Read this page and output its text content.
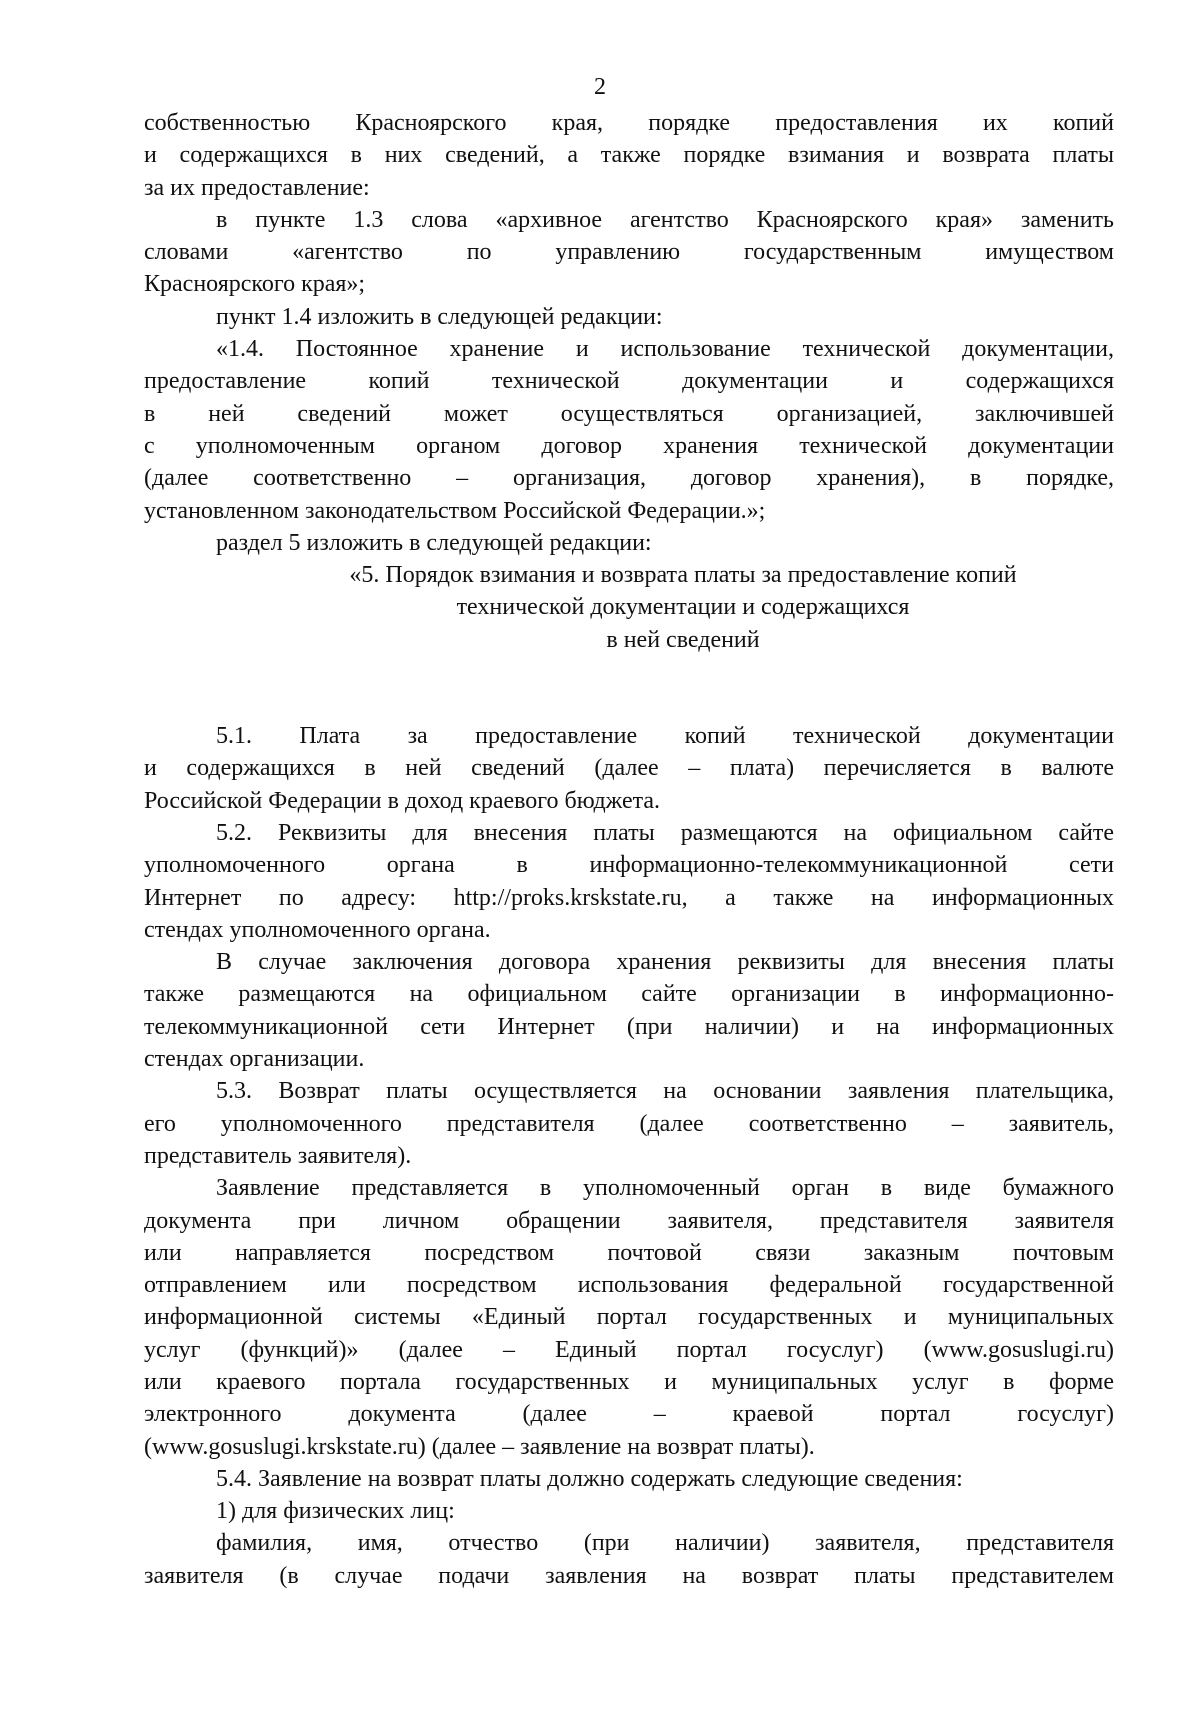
2

собственностью Красноярского края, порядке предоставления их копий

и содержащихся в них сведений, а также порядке взимания и возврата платы

за их предоставление:

в пункте 1.3 слова «архивное агентство Красноярского края» заменить

словами «агентство по управлению государственным имуществом

Красноярского края»;

пункт 1.4 изложить в следующей редакции:

«1.4. Постоянное хранение и использование технической документации,

предоставление копий технической документации и содержащихся

в ней сведений может осуществляться организацией, заключившей

с уполномоченным органом договор хранения технической документации

(далее соответственно – организация, договор хранения), в порядке,

установленном законодательством Российской Федерации.»;

раздел 5 изложить в следующей редакции:

«5. Порядок взимания и возврата платы за предоставление копий

технической документации и содержащихся

в ней сведений

5.1. Плата за предоставление копий технической документации

и содержащихся в ней сведений (далее – плата) перечисляется в валюте

Российской Федерации в доход краевого бюджета.

5.2. Реквизиты для внесения платы размещаются на официальном сайте

уполномоченного органа в информационно-телекоммуникационной сети

Интернет по адресу: http://proks.krskstate.ru, а также на информационных

стендах уполномоченного органа.

В случае заключения договора хранения реквизиты для внесения платы

также размещаются на официальном сайте организации в информационно-

телекоммуникационной сети Интернет (при наличии) и на информационных

стендах организации.

5.3. Возврат платы осуществляется на основании заявления плательщика,

его уполномоченного представителя (далее соответственно – заявитель,

представитель заявителя).

Заявление представляется в уполномоченный орган в виде бумажного

документа при личном обращении заявителя, представителя заявителя

или направляется посредством почтовой связи заказным почтовым

отправлением или посредством использования федеральной государственной

информационной системы «Единый портал государственных и муниципальных

услуг (функций)» (далее – Единый портал госуслуг) (www.gosuslugi.ru)

или краевого портала государственных и муниципальных услуг в форме

электронного документа (далее – краевой портал госуслуг)

(www.gosuslugi.krskstate.ru) (далее – заявление на возврат платы).

5.4. Заявление на возврат платы должно содержать следующие сведения:

1) для физических лиц:

фамилия, имя, отчество (при наличии) заявителя, представителя

заявителя (в случае подачи заявления на возврат платы представителем
